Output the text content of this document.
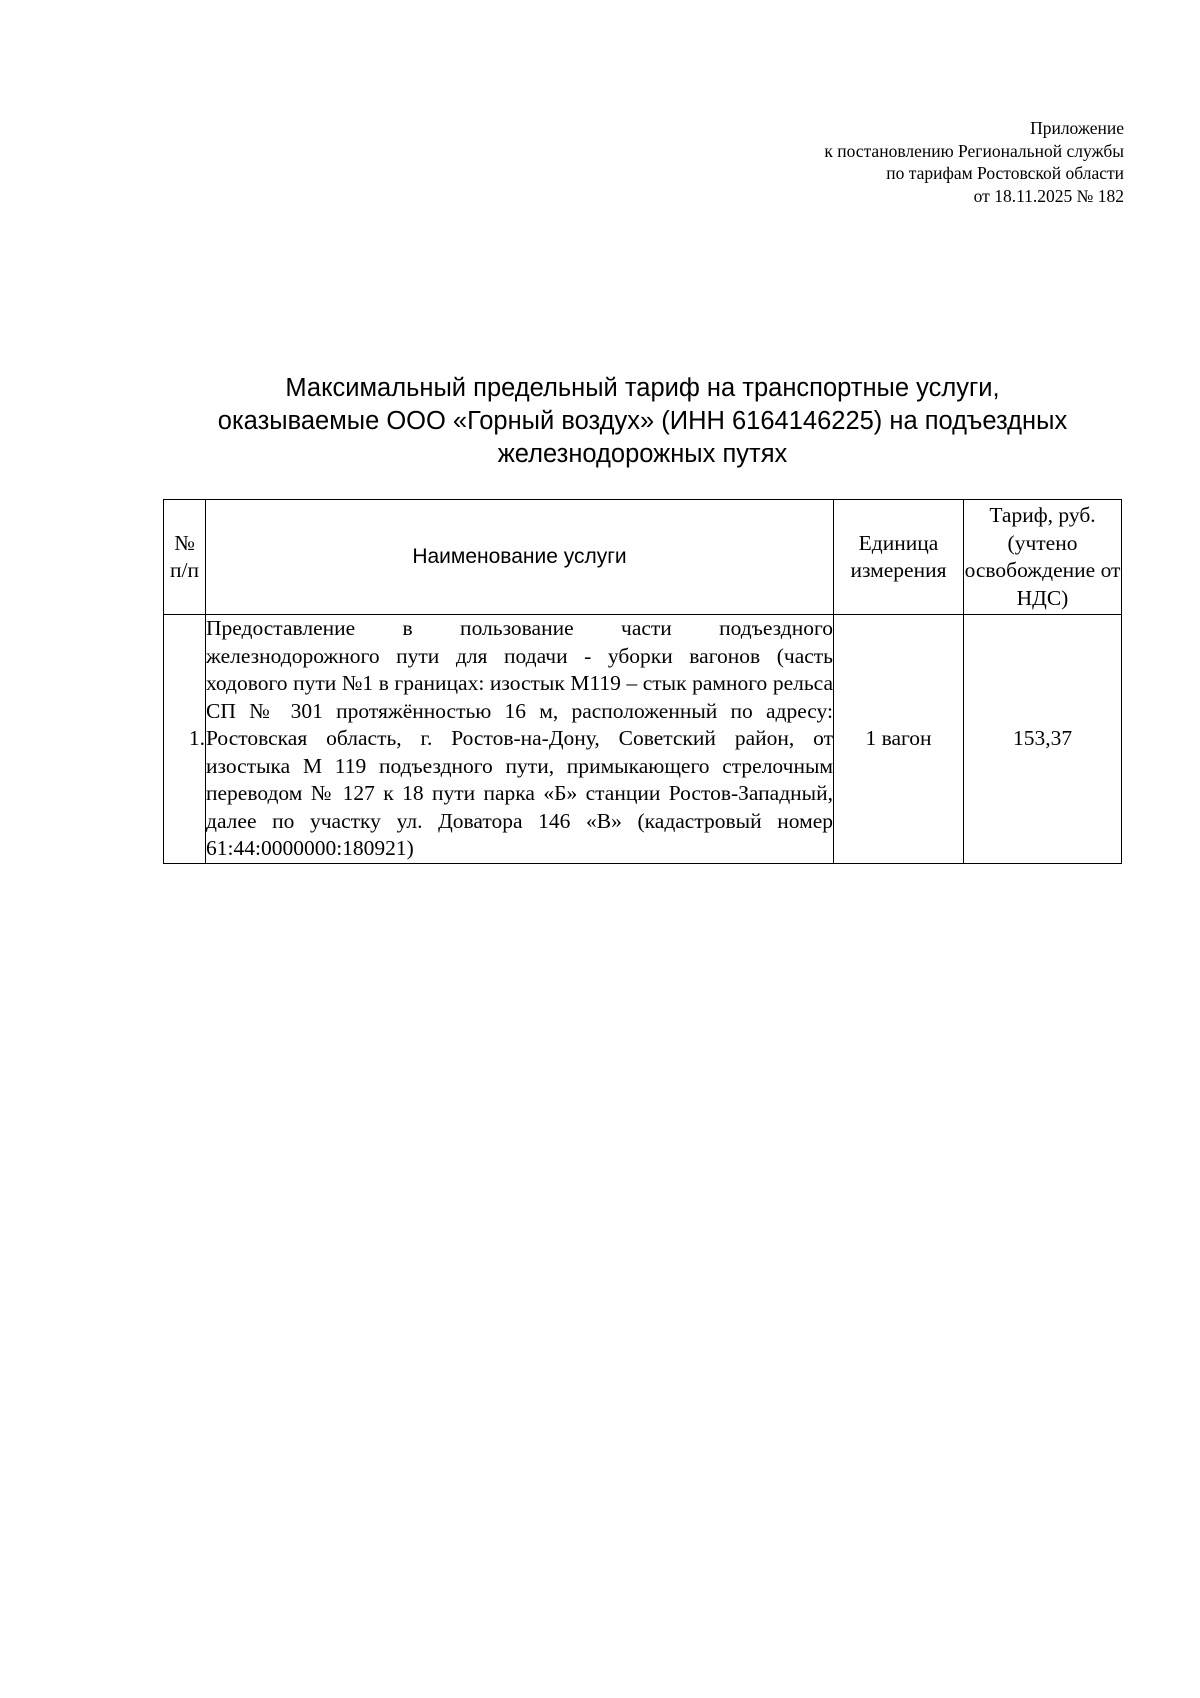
Приложение
к постановлению Региональной службы
по тарифам Ростовской области
от 18.11.2025 № 182
Максимальный предельный тариф на транспортные услуги,
оказываемые ООО «Горный воздух» (ИНН 6164146225) на подъездных
железнодорожных путях
№ п/п	Наименование услуги	Единица измерения	Тариф, руб. (учтено освобождение от НДС)
1.	Предоставление в пользование части подъездного железнодорожного пути для подачи - уборки вагонов (часть ходового пути №1 в границах: изостык М119 – стык рамного рельса СП № 301 протяжённостью 16 м, расположенный по адресу: Ростовская область, г. Ростов-на-Дону, Советский район, от изостыка М 119 подъездного пути, примыкающего стрелочным переводом № 127 к 18 пути парка «Б» станции Ростов-Западный, далее по участку ул. Доватора 146 «В» (кадастровый номер 61:44:0000000:180921)	1 вагон	153,37
